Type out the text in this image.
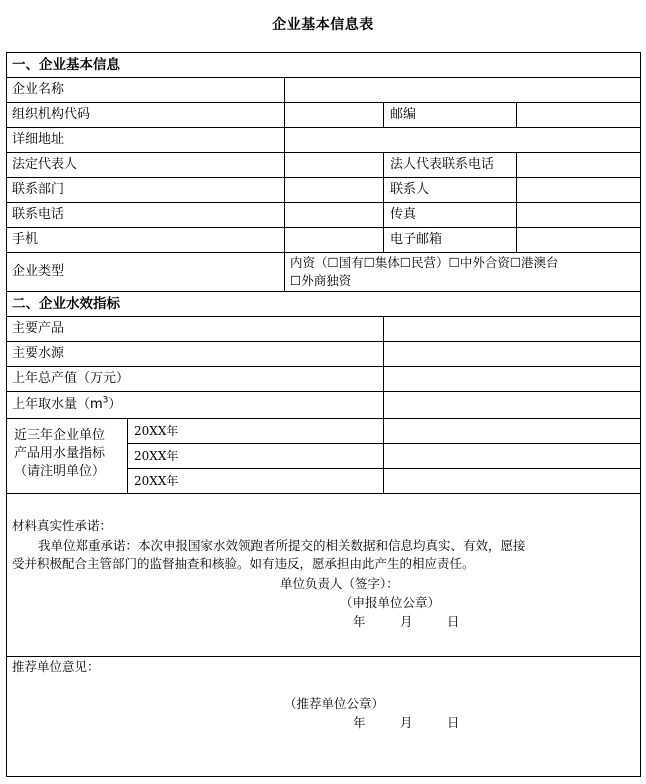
企业基本信息表
一、企业基本信息
企业名称
组织机构代码	邮编
详细地址
法定代表人	法人代表联系电话
联系部门	联系人
联系电话	传真
手机	电子邮箱
企业类型
内资（☐国有☐集体☐民营）☐中外合资☐港澳台
☐外商独资
二、企业水效指标
主要产品
主要水源
上年总产值（万元）
上年取水量$(m^3)$
近三年企业单位
产品用水量指标
（请注明单位）
20XX年
20XX年
20XX年
材料真实性承诺：
我单位郑重承诺：本次申报国家水效领跑者所提交的相关数据和信息均真实、有效，愿接
受并积极配合主管部门的监督抽查和核验。如有违反，愿承担由此产生的相应责任。
单位负责人（签字）：
（申报单位公章）
年	月	日
推荐单位意见：
（推荐单位公章）
年	月	日
